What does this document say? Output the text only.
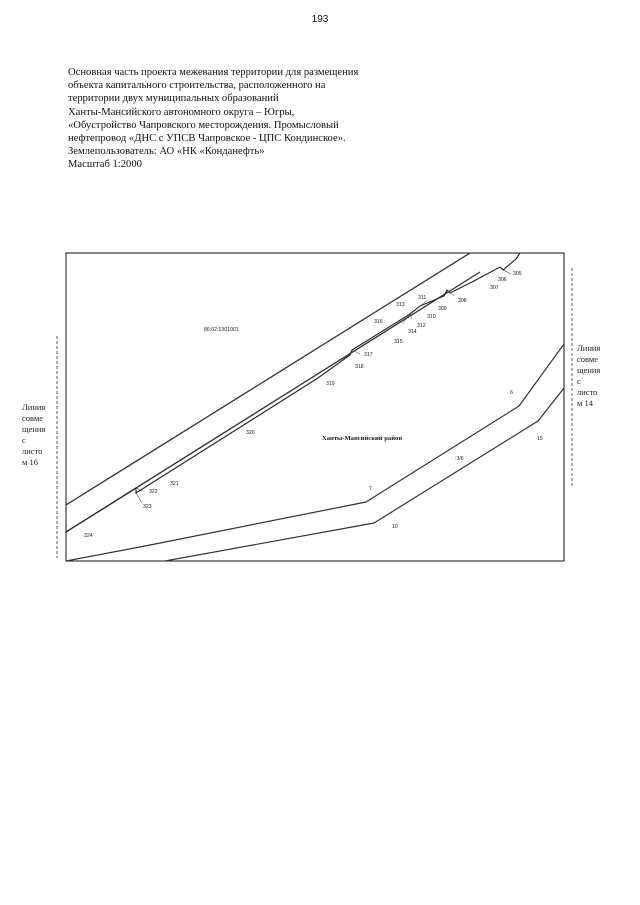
193
Основная часть проекта межевания территории для размещения
объекта капитального строительства, расположенного на
территории двух муниципальных образований
Ханты-Мансийского автономного округа – Югры,
«Обустройство Чапровского месторождения. Промысловый
нефтепровод «ДНС с УПСВ Чапровское - ЦПС Кондинское».
Землепользователь: АО «НК «Конданефть»
Масштаб 1:2000
Линия
совме
щения
с
листо
м 16
Линия
совме
щения
с
листо
м 14
305
306
307
308
309
310
311
312
313
314
315
316
317
318
319
320
321
322
323
324
6
7
10
15
86:02:1301001
Ханты-Мансийский район
:3/6
